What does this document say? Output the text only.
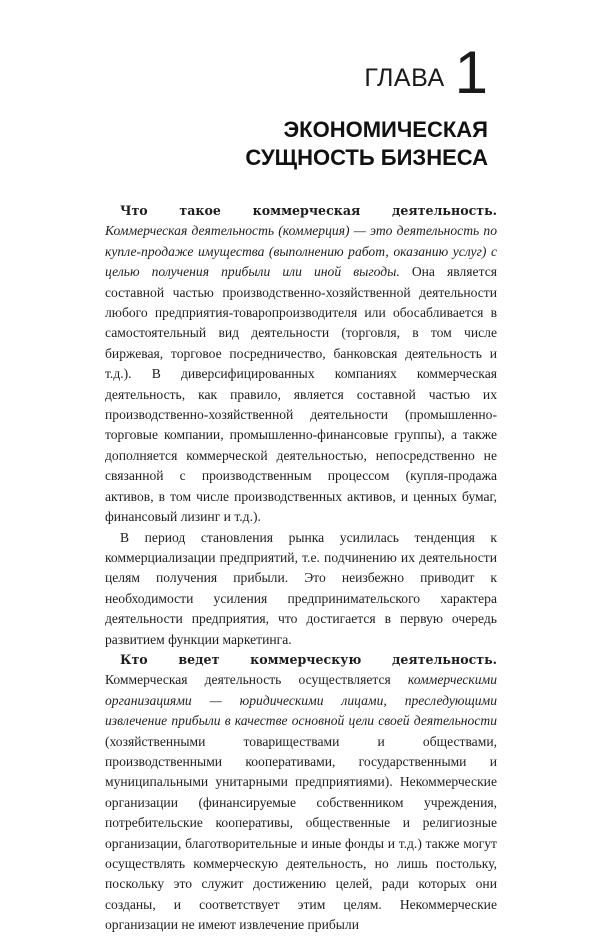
ГЛАВА 1
ЭКОНОМИЧЕСКАЯ
СУЩНОСТЬ БИЗНЕСА

Что такое коммерческая деятельность. Коммерческая деятельность (коммерция) — это деятельность по купле-продаже имущества (выполнению работ, оказанию услуг) с целью получения прибыли или иной выгоды. Она является составной частью производственно-хозяйственной деятельности любого предприятия-товаропроизводителя или обосабливается в самостоятельный вид деятельности (торговля, в том числе биржевая, торговое посредничество, банковская деятельность и т.д.). В диверсифицированных компаниях коммерческая деятельность, как правило, является составной частью их производственно-хозяйственной деятельности (промышленно-торговые компании, промышленно-финансовые группы), а также дополняется коммерческой деятельностью, непосредственно не связанной с производственным процессом (купля-продажа активов, в том числе производственных активов, и ценных бумаг, финансовый лизинг и т.д.).

В период становления рынка усилилась тенденция к коммерциализации предприятий, т.е. подчинению их деятельности целям получения прибыли. Это неизбежно приводит к необходимости усиления предпринимательского характера деятельности предприятия, что достигается в первую очередь развитием функции маркетинга.

Кто ведет коммерческую деятельность. Коммерческая деятельность осуществляется коммерческими организациями — юридическими лицами, преследующими извлечение прибыли в качестве основной цели своей деятельности (хозяйственными товариществами и обществами, производственными кооперативами, государственными и муниципальными унитарными предприятиями). Некоммерческие организации (финансируемые собственником учреждения, потребительские кооперативы, общественные и религиозные организации, благотворительные и иные фонды и т.д.) также могут осуществлять коммерческую деятельность, но лишь постольку, поскольку это служит достижению целей, ради которых они созданы, и соответствует этим целям. Некоммерческие организации не имеют извлечение прибыли
